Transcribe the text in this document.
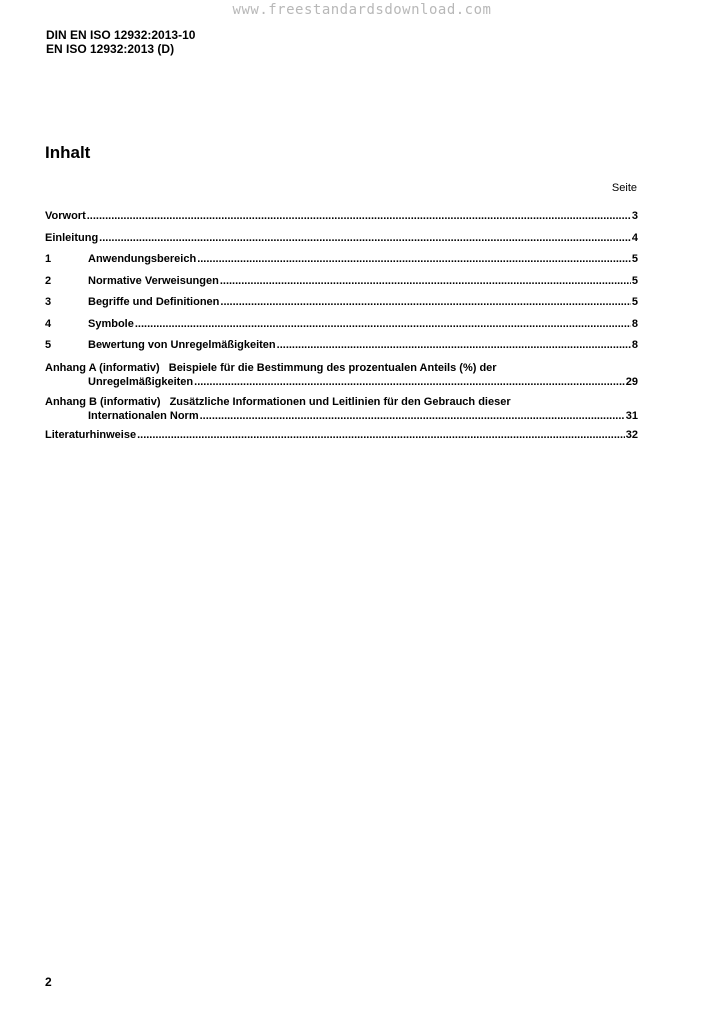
www.freestandardsdownload.com
DIN EN ISO 12932:2013-10
EN ISO 12932:2013 (D)
Inhalt
Seite
Vorwort .....	3
Einleitung .....	4
1	Anwendungsbereich .....	5
2	Normative Verweisungen .....	5
3	Begriffe und Definitionen .....	5
4	Symbole .....	8
5	Bewertung von Unregelmäßigkeiten .....	8
Anhang A (informativ) Beispiele für die Bestimmung des prozentualen Anteils (%) der
Unregelmäßigkeiten .....	29
Anhang B (informativ) Zusätzliche Informationen und Leitlinien für den Gebrauch dieser
Internationalen Norm .....	31
Literaturhinweise .....	32
2
